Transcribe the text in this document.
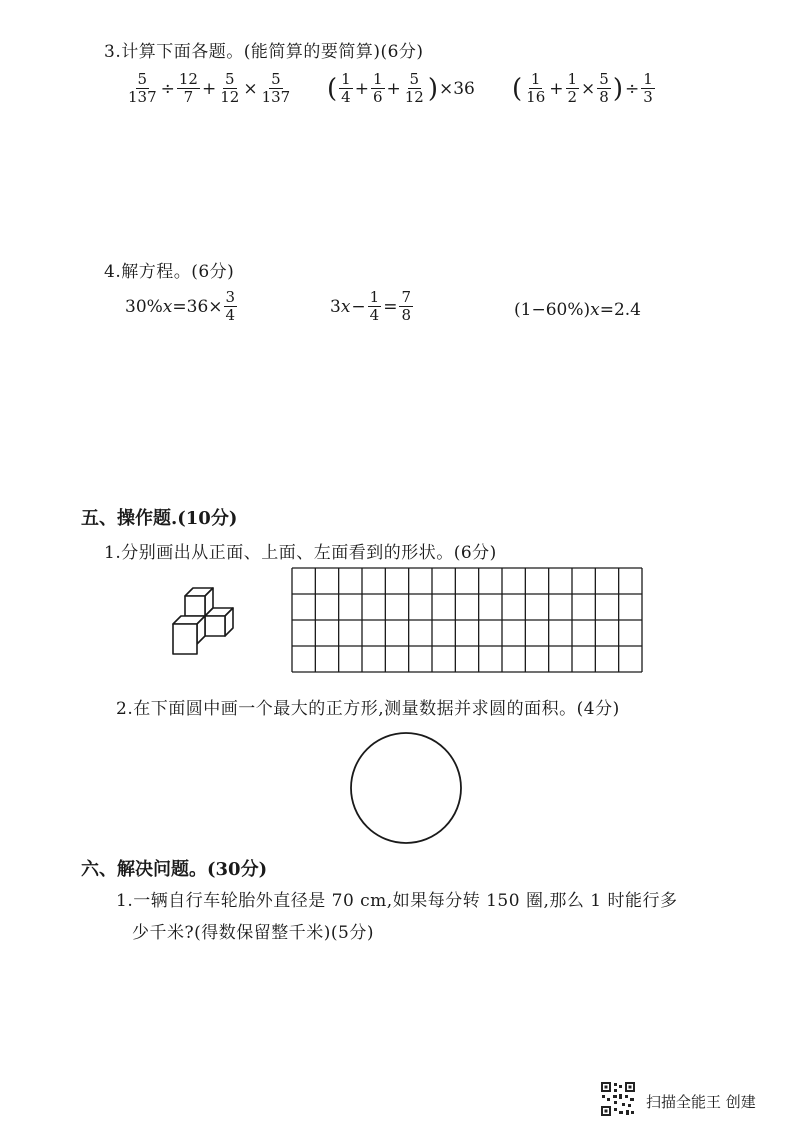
3.计算下面各题。(能简算的要简算)(6分)
$\frac{5}{137} \div \frac{12}{7} + \frac{5}{12} \times \frac{5}{137}$ ( $\frac{1}{4} + \frac{1}{6} + \frac{5}{12}$ ) ×36 ( $\frac{1}{16} + \frac{1}{2} \times \frac{5}{8}$ ) ÷ $\frac{1}{3}$
4.解方程。(6分)
30% $x =36\times \frac{3}{4}$	3 $x - \frac{1}{4} = \frac{7}{8}$	(1−60%) x =2.4
五、操作题.(10分)
1.分别画出从正面、上面、左面看到的形状。(6分)
2.在下面圆中画一个最大的正方形,测量数据并求圆的面积。(4分)
六、解决问题。(30分)
1.一辆自行车轮胎外直径是 70 cm,如果每分转 150 圈,那么 1 时能行多
少千米?(得数保留整千米)(5分)
扫描全能王 创建
